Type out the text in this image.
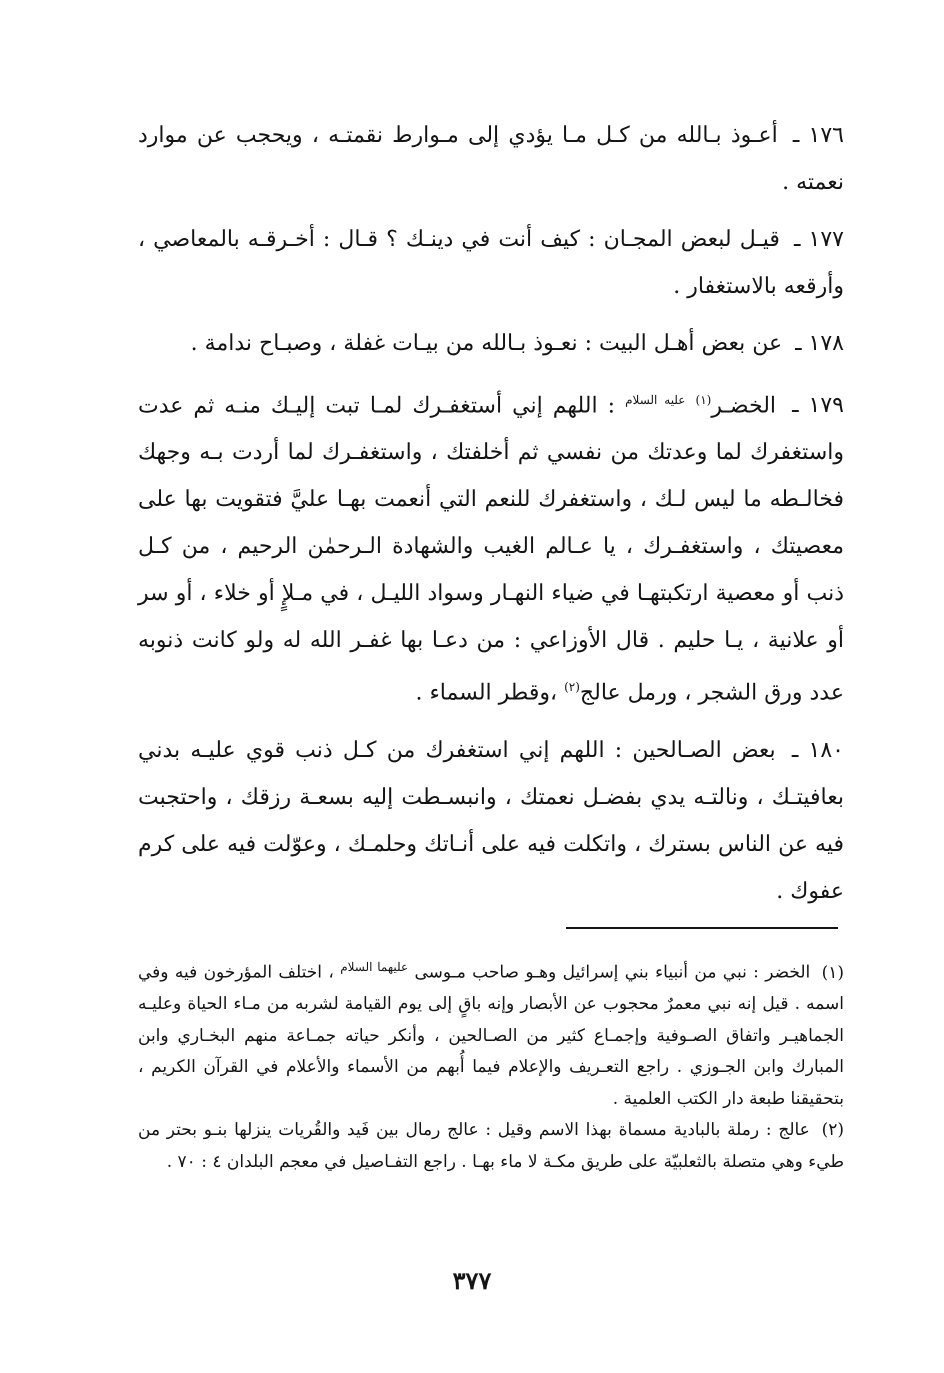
١٧٦ ـ أعـوذ بـالله من كـل مـا يؤدي إلى مـوارط نقمتـه ، ويحجب عن موارد نعمته .

١٧٧ ـ قيـل لبعض المجـان : كيف أنت في دينـك ؟ قـال : أخـرقـه بالمعاصي ، وأرقعه بالاستغفار .

١٧٨ ـ عن بعض أهـل البيت : نعـوذ بـالله من بيـات غفلة ، وصبـاح ندامة .

١٧٩ ـ الخضـر$^{(١)}$ $^{عليه السلام}$ : اللهم إني أستغفـرك لمـا تبت إليـك منـه ثم عدت واستغفرك لما وعدتك من نفسي ثم أخلفتك ، واستغفـرك لما أردت بـه وجهك فخالـطه ما ليس لـك ، واستغفرك للنعم التي أنعمت بهـا عليَّ فتقويت بها على معصيتك ، واستغفـرك ، يا عـالم الغيب والشهادة الـرحمٰن الرحيم ، من كـل ذنب أو معصية ارتكبتهـا في ضياء النهـار وسواد الليـل ، في مـلإٍ أو خلاء ، أو سر أو علانية ، يـا حليم . قال الأوزاعي : من دعـا بها غفـر الله له ولو كانت ذنوبه عدد ورق الشجر ، ورمل عالج$^{(٢)}$ ،وقطر السماء .

١٨٠ ـ بعض الصـالحين : اللهم إني استغفرك من كـل ذنب قوي عليـه بدني بعافيتـك ، ونالتـه يدي بفضـل نعمتك ، وانبسـطت إليه بسعـة رزقك ، واحتجبت فيه عن الناس بسترك ، واتكلت فيه على أنـاتك وحلمـك ، وعوّلت فيه على كرم عفوك .

(١) الخضر : نبي من أنبياء بني إسرائيل وهـو صاحب مـوسى $^{عليهما السلام}$ ، اختلف المؤرخون فيه وفي اسمه . قيل إنه نبي معمرٌ محجوب عن الأبصار وإنه باقٍ إلى يوم القيامة لشربه من مـاء الحياة وعليـه الجماهيـر واتفاق الصـوفية وإجمـاع كثير من الصـالحين ، وأنكر حياته جمـاعة منهم البخـاري وابن المبارك وابن الجـوزي . راجع التعـريف والإعلام فيما أُبهم من الأسماء والأعلام في القرآن الكريم ، بتحقيقنا طبعة دار الكتب العلمية .

(٢) عالج : رملة بالبادية مسماة بهذا الاسم وقيل : عالج رمال بين فَيد والقُريات ينزلها بنـو بحتر من طيء وهي متصلة بالثعلبيّة على طريق مكـة لا ماء بهـا . راجع التفـاصيل في معجم البلدان ٤ : ٧٠ .

٣٧٧
